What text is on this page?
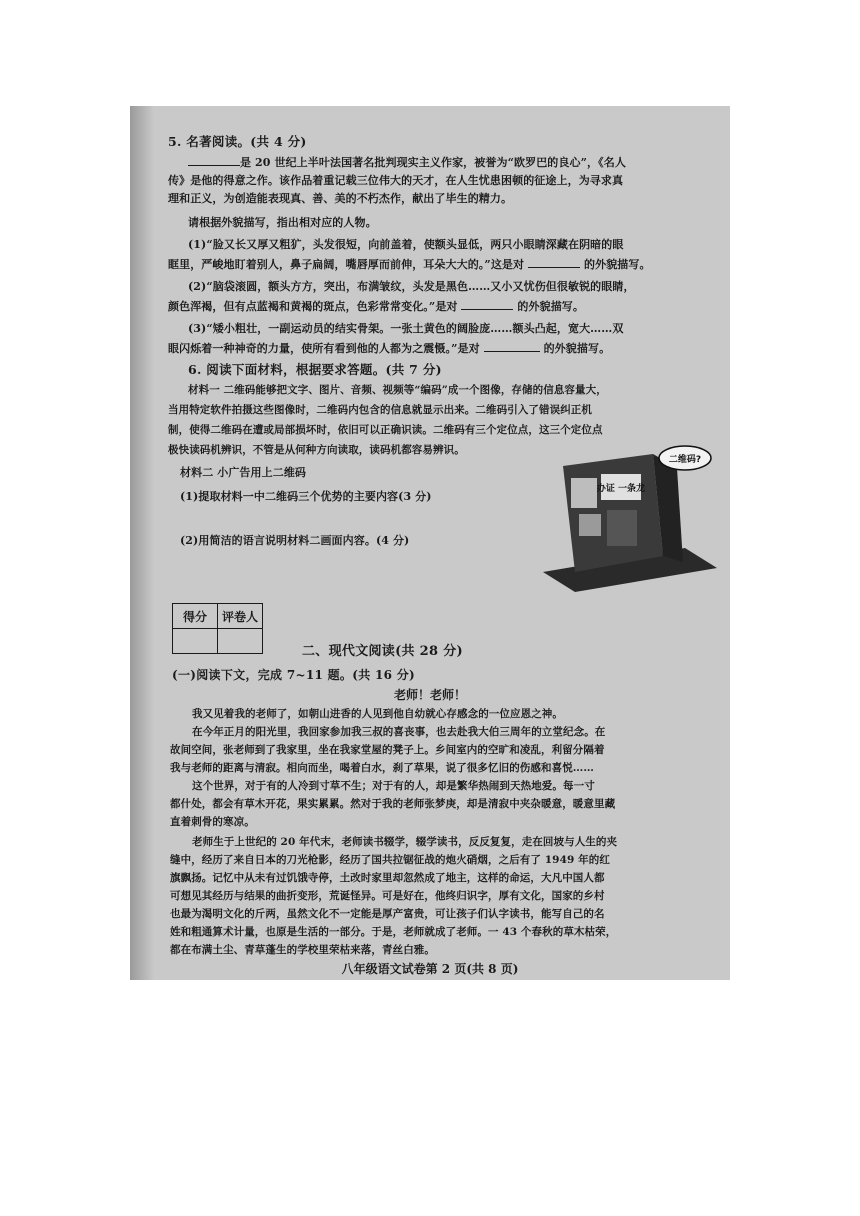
5. 名著阅读。(共 4 分)
是 20 世纪上半叶法国著名批判现实主义作家，被誉为“欧罗巴的良心”，《名人
传》是他的得意之作。该作品着重记载三位伟大的天才，在人生忧患困顿的征途上，为寻求真
理和正义，为创造能表现真、善、美的不朽杰作，献出了毕生的精力。
请根据外貌描写，指出相对应的人物。
(1)“脸又长又厚又粗犷，头发很短，向前盖着，使额头显低，两只小眼睛深藏在阴暗的眼
眶里，严峻地盯着别人，鼻子扁阔，嘴唇厚而前伸，耳朵大大的。”这是对	的外貌描写。
(2)“脑袋滚圆，额头方方，突出，布满皱纹，头发是黑色……又小又忧伤但很敏锐的眼睛，
颜色浑褐，但有点蓝褐和黄褐的斑点，色彩常常变化。”是对	的外貌描写。
(3)“矮小粗壮，一副运动员的结实骨架。一张土黄色的阔脸庞……额头凸起，宽大……双
眼闪烁着一种神奇的力量，使所有看到他的人都为之震慑。”是对	的外貌描写。
6. 阅读下面材料，根据要求答题。(共 7 分)
材料一 二维码能够把文字、图片、音频、视频等“编码”成一个图像，存储的信息容量大，
当用特定软件拍摄这些图像时，二维码内包含的信息就显示出来。二维码引入了错误纠正机
制，使得二维码在遭或局部损坏时，依旧可以正确识读。二维码有三个定位点，这三个定位点
极快读码机辨识，不管是从何种方向读取，读码机都容易辨识。
材料二 小广告用上二维码
(1)提取材料一中二维码三个优势的主要内容(3 分)
(2)用简洁的语言说明材料二画面内容。(4 分)
办证 一条龙
二维码?
得分	评卷人

二、现代文阅读(共 28 分)
(一)阅读下文，完成 7~11 题。(共 16 分)
老师！老师！
我又见着我的老师了，如朝山进香的人见到他自幼就心存感念的一位应恩之神。
在今年正月的阳光里，我回家参加我三叔的喜丧事，也去赴我大伯三周年的立堂纪念。在
故间空间，张老师到了我家里，坐在我家堂屋的凳子上。乡间室内的空旷和凌乱，利留分隔着
我与老师的距离与清寂。相向而坐，喝着白水，刹了草果，说了很多忆旧的伤感和喜悦……
这个世界，对于有的人冷到寸草不生；对于有的人，却是繁华热闹到天热地爱。每一寸
都什处，都会有草木开花，果实累累。然对于我的老师张梦庚，却是清寂中夹杂暖意，暖意里藏
直着刺骨的寒凉。
老师生于上世纪的 20 年代末，老师读书辍学，辍学读书，反反复复，走在回坡与人生的夹
缝中，经历了来自日本的刀光枪影，经历了国共拉锯征战的炮火硝烟，之后有了 1949 年的红
旗飘扬。记忆中从未有过饥饿寺停，土改时家里却忽然成了地主，这样的命运，大凡中国人都
可想见其经历与结果的曲折变形，荒诞怪异。可是好在，他终归识字，厚有文化，国家的乡村
也最为渴明文化的斤两，虽然文化不一定能是厚产富贵，可让孩子们认字读书，能写自己的名
姓和粗通算术计量，也原是生活的一部分。于是，老师就成了老师。一 43 个春秋的草木枯荣，
都在布满土尘、青草蓬生的学校里荣枯来落，青丝白雅。
八年级语文试卷第 2 页(共 8 页)
